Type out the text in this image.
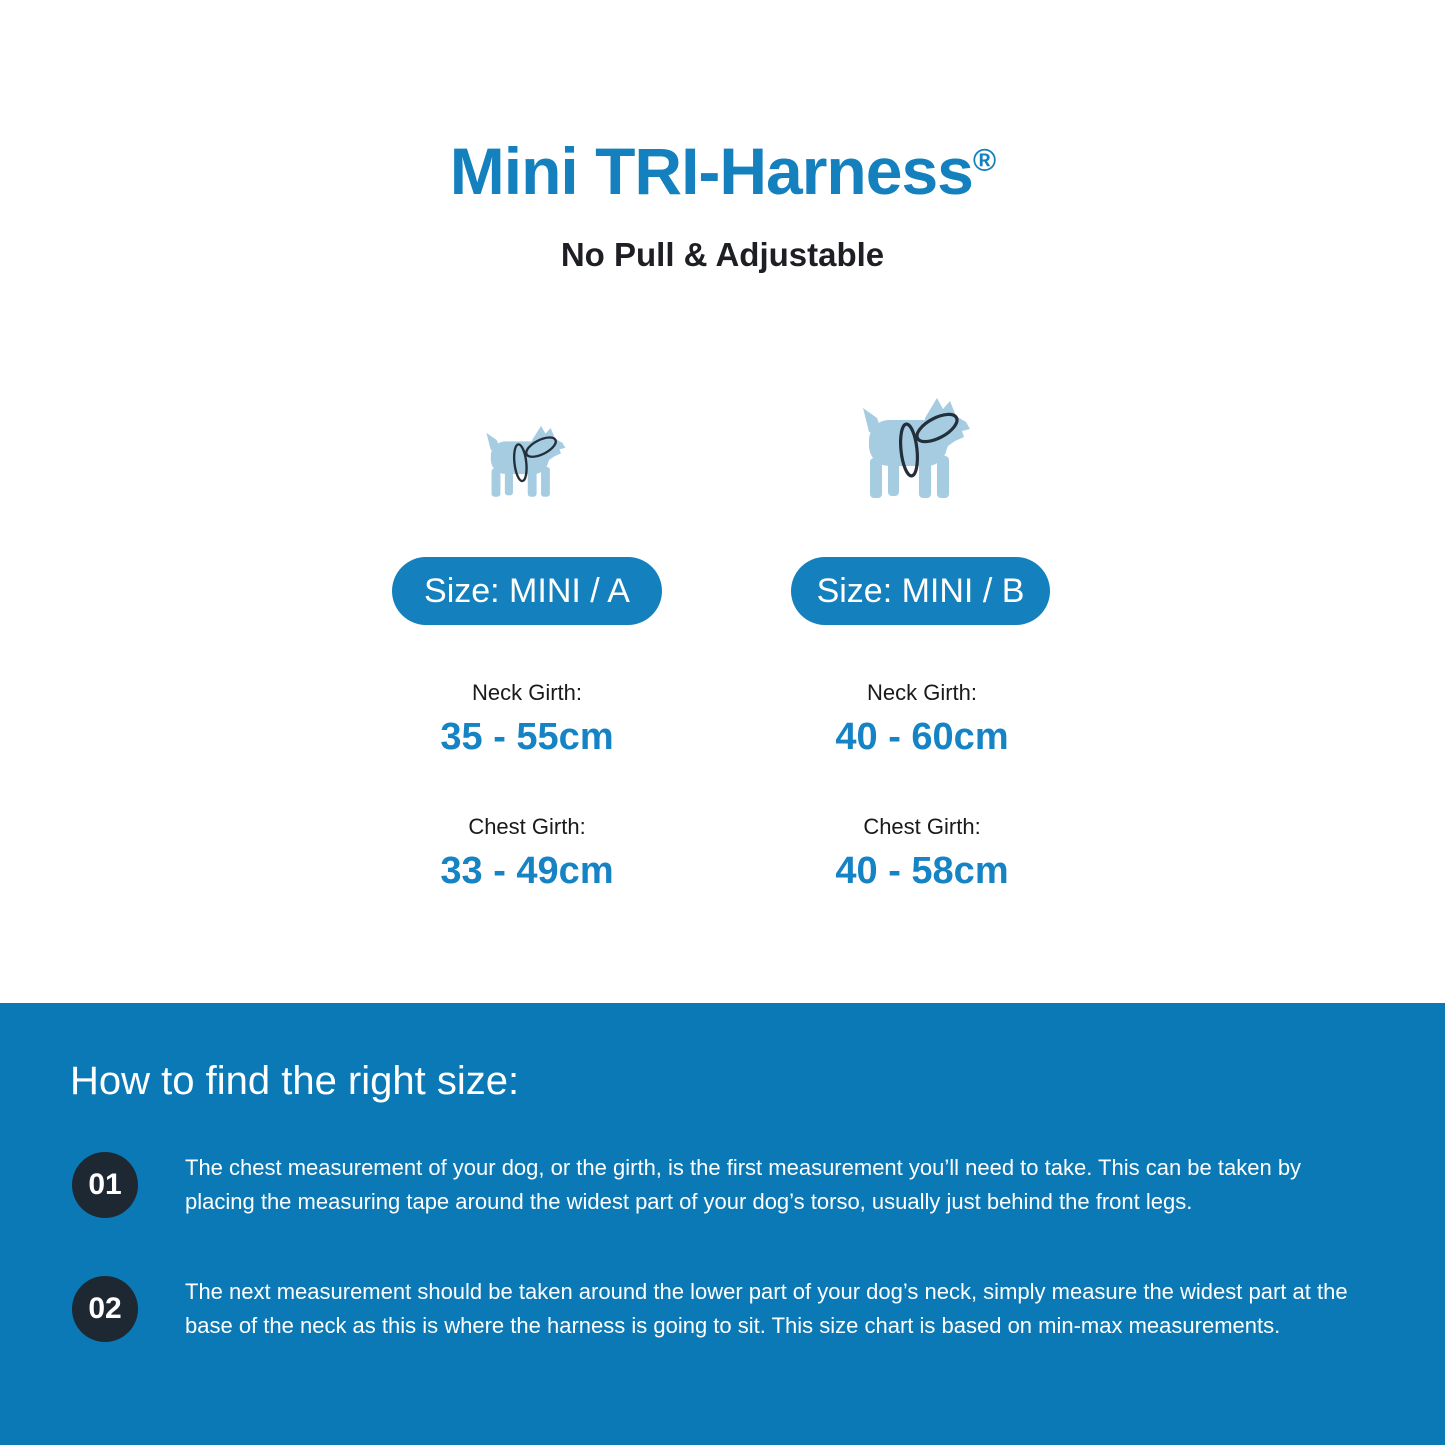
Mini TRI-Harness®
No Pull & Adjustable
Size: MINI / A	Size: MINI / B
Neck Girth:
35 - 55cm
Chest Girth:
33 - 49cm
Neck Girth:
40 - 60cm
Chest Girth:
40 - 58cm
How to find the right size:
01
The chest measurement of your dog, or the girth, is the first measurement you’ll need to take. This can be taken by placing the measuring tape around the widest part of your dog’s torso, usually just behind the front legs.
02
The next measurement should be taken around the lower part of your dog’s neck, simply measure the widest part at the base of the neck as this is where the harness is going to sit. This size chart is based on min-max measurements.
